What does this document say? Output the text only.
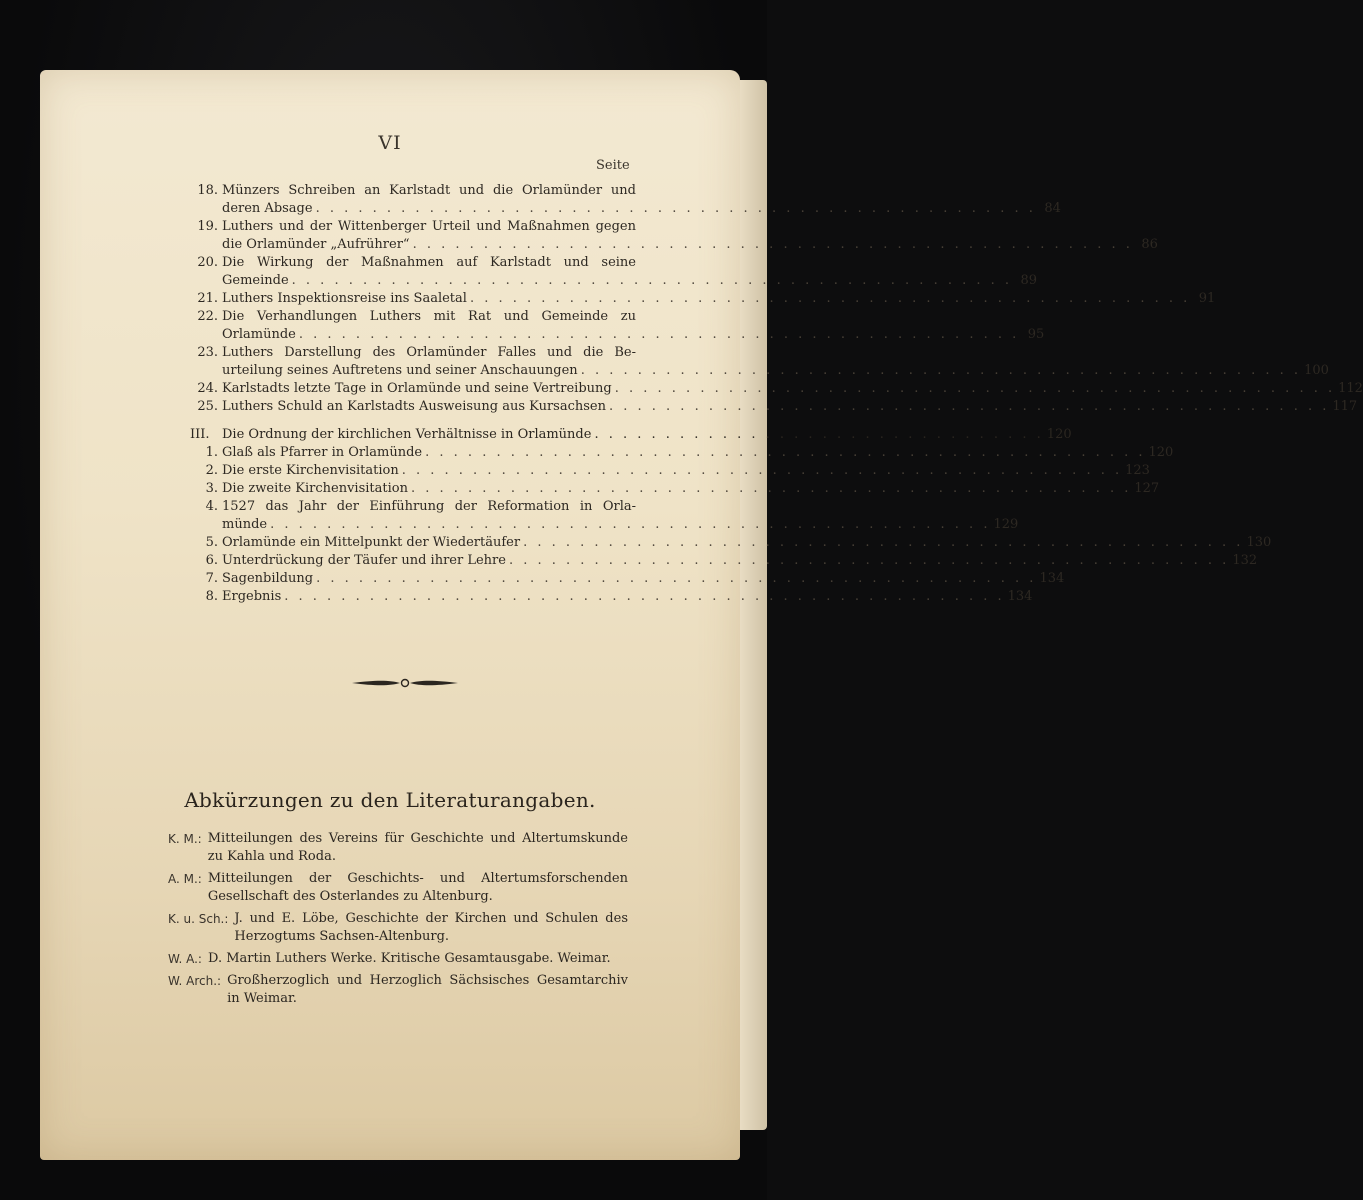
VI
Seite
18. Münzers Schreiben an Karlstadt und die Orlamünder und
deren Absage . . . . . . . . . . . . . . . . . . . . . . . . . . . . . . . . . . . . . . . . . . . . . . . . . . . 84
19. Luthers und der Wittenberger Urteil und Maßnahmen gegen
die Orlamünder „Aufrührer“ . . . . . . . . . . . . . . . . . . . . . . . . . . . . . . . . . . . . . . . . . . . . . . . . . . . 86
20. Die Wirkung der Maßnahmen auf Karlstadt und seine
Gemeinde . . . . . . . . . . . . . . . . . . . . . . . . . . . . . . . . . . . . . . . . . . . . . . . . . . . 89
21. Luthers Inspektionsreise ins Saaletal . . . . . . . . . . . . . . . . . . . . . . . . . . . . . . . . . . . . . . . . . . . . . . . . . . . 91
22. Die Verhandlungen Luthers mit Rat und Gemeinde zu
Orlamünde . . . . . . . . . . . . . . . . . . . . . . . . . . . . . . . . . . . . . . . . . . . . . . . . . . . 95
23. Luthers Darstellung des Orlamünder Falles und die Be-
urteilung seines Auftretens und seiner Anschauungen . . . . . . . . . . . . . . . . . . . . . . . . . . . . . . . . . . . . . . . . . . . . . . . . . . . 100
24. Karlstadts letzte Tage in Orlamünde und seine Vertreibung . . . . . . . . . . . . . . . . . . . . . . . . . . . . . . . . . . . . . . . . . . . . . . . . . . . 112
25. Luthers Schuld an Karlstadts Ausweisung aus Kursachsen . . . . . . . . . . . . . . . . . . . . . . . . . . . . . . . . . . . . . . . . . . . . . . . . . . . 117
III. Die Ordnung der kirchlichen Verhältnisse in Orlamünde . . . . . . . . . . . . . . . . . . . . . . . . . . . . . . . . 120
1. Glaß als Pfarrer in Orlamünde . . . . . . . . . . . . . . . . . . . . . . . . . . . . . . . . . . . . . . . . . . . . . . . . . . . 120
2. Die erste Kirchenvisitation . . . . . . . . . . . . . . . . . . . . . . . . . . . . . . . . . . . . . . . . . . . . . . . . . . . 123
3. Die zweite Kirchenvisitation . . . . . . . . . . . . . . . . . . . . . . . . . . . . . . . . . . . . . . . . . . . . . . . . . . . 127
4. 1527 das Jahr der Einführung der Reformation in Orla-
münde . . . . . . . . . . . . . . . . . . . . . . . . . . . . . . . . . . . . . . . . . . . . . . . . . . . 129
5. Orlamünde ein Mittelpunkt der Wiedertäufer . . . . . . . . . . . . . . . . . . . . . . . . . . . . . . . . . . . . . . . . . . . . . . . . . . . 130
6. Unterdrückung der Täufer und ihrer Lehre . . . . . . . . . . . . . . . . . . . . . . . . . . . . . . . . . . . . . . . . . . . . . . . . . . . 132
7. Sagenbildung . . . . . . . . . . . . . . . . . . . . . . . . . . . . . . . . . . . . . . . . . . . . . . . . . . . 134
8. Ergebnis . . . . . . . . . . . . . . . . . . . . . . . . . . . . . . . . . . . . . . . . . . . . . . . . . . . 134
Abkürzungen zu den Literaturangaben.
K. M.: Mitteilungen des Vereins für Geschichte und Altertumskunde zu Kahla und Roda.
A. M.: Mitteilungen der Geschichts- und Altertumsforschenden Gesellschaft des Osterlandes zu Altenburg.
K. u. Sch.: J. und E. Löbe, Geschichte der Kirchen und Schulen des Herzogtums Sachsen-Altenburg.
W. A.: D. Martin Luthers Werke. Kritische Gesamtausgabe. Weimar.
W. Arch.: Großherzoglich und Herzoglich Sächsisches Gesamtarchiv in Weimar.
